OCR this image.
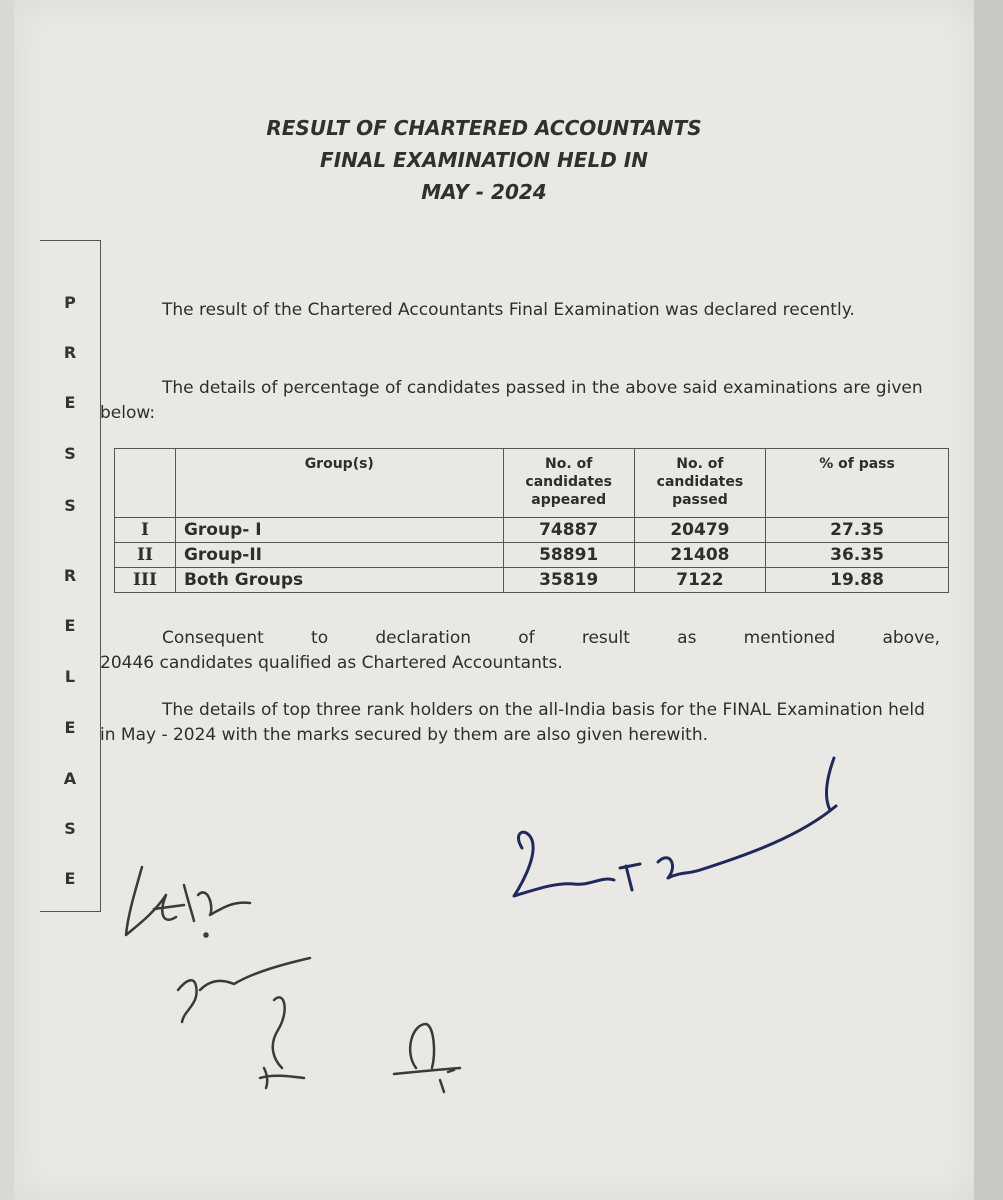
RESULT OF CHARTERED ACCOUNTANTS
FINAL EXAMINATION HELD IN
MAY - 2024
P
R
E
S
S
R
E
L
E
A
S
E
The result of the Chartered Accountants Final Examination was declared recently.
The details of percentage of candidates passed in the above said examinations are given below:
	Group(s)	No. of candidates appeared	No. of candidates passed	% of pass
I	Group- I	74887	20479	27.35
II	Group-II	58891	21408	36.35
III	Both Groups	35819	7122	19.88
Consequent to declaration of result as mentioned above,
20446 candidates qualified as Chartered Accountants.
The details of top three rank holders on the all-India basis for the FINAL Examination held in May - 2024 with the marks secured by them are also given herewith.
